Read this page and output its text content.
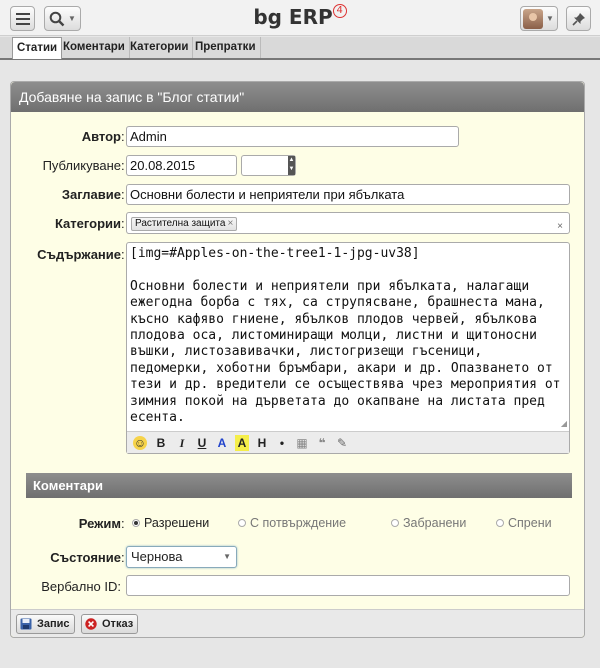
▼	bg ERP 4
▼
Статии Коментари Категории Препратки
Добавяне на запис в "Блог статии"
Автор : Admin
Публикуване : 20.08.2015	▲
▼
Заглавие : Основни болести и неприятели при ябълката
Категории :	Растителна защита ×	×
Съдържание : [img=#Apples-on-the-tree1-1-jpg-uv38]

Основни болести и неприятели при ябълката, налагащи ежегодна борба с тях, са струпясване, брашнеста мана, късно кафяво гниене, ябълков плодов червей, ябълкова плодова оса, листоминиращи молци, листни и щитоносни въшки, листозавивачки, листогризещи гъсеници, педомерки, хоботни бръмбари, акари и др. Опазването от тези и др. вредители се осъществява чрез мероприятия от зимния покой на дърветата до окапване на листата пред есента.	◢
☺ B	I	U A A H	•	▦ ❝ ✎
Коментари
Режим : Разрешени	С потвърждение	Забранени	Спрени
Състояние : Чернова	▼
Вербално ID:
Запис	Отказ
